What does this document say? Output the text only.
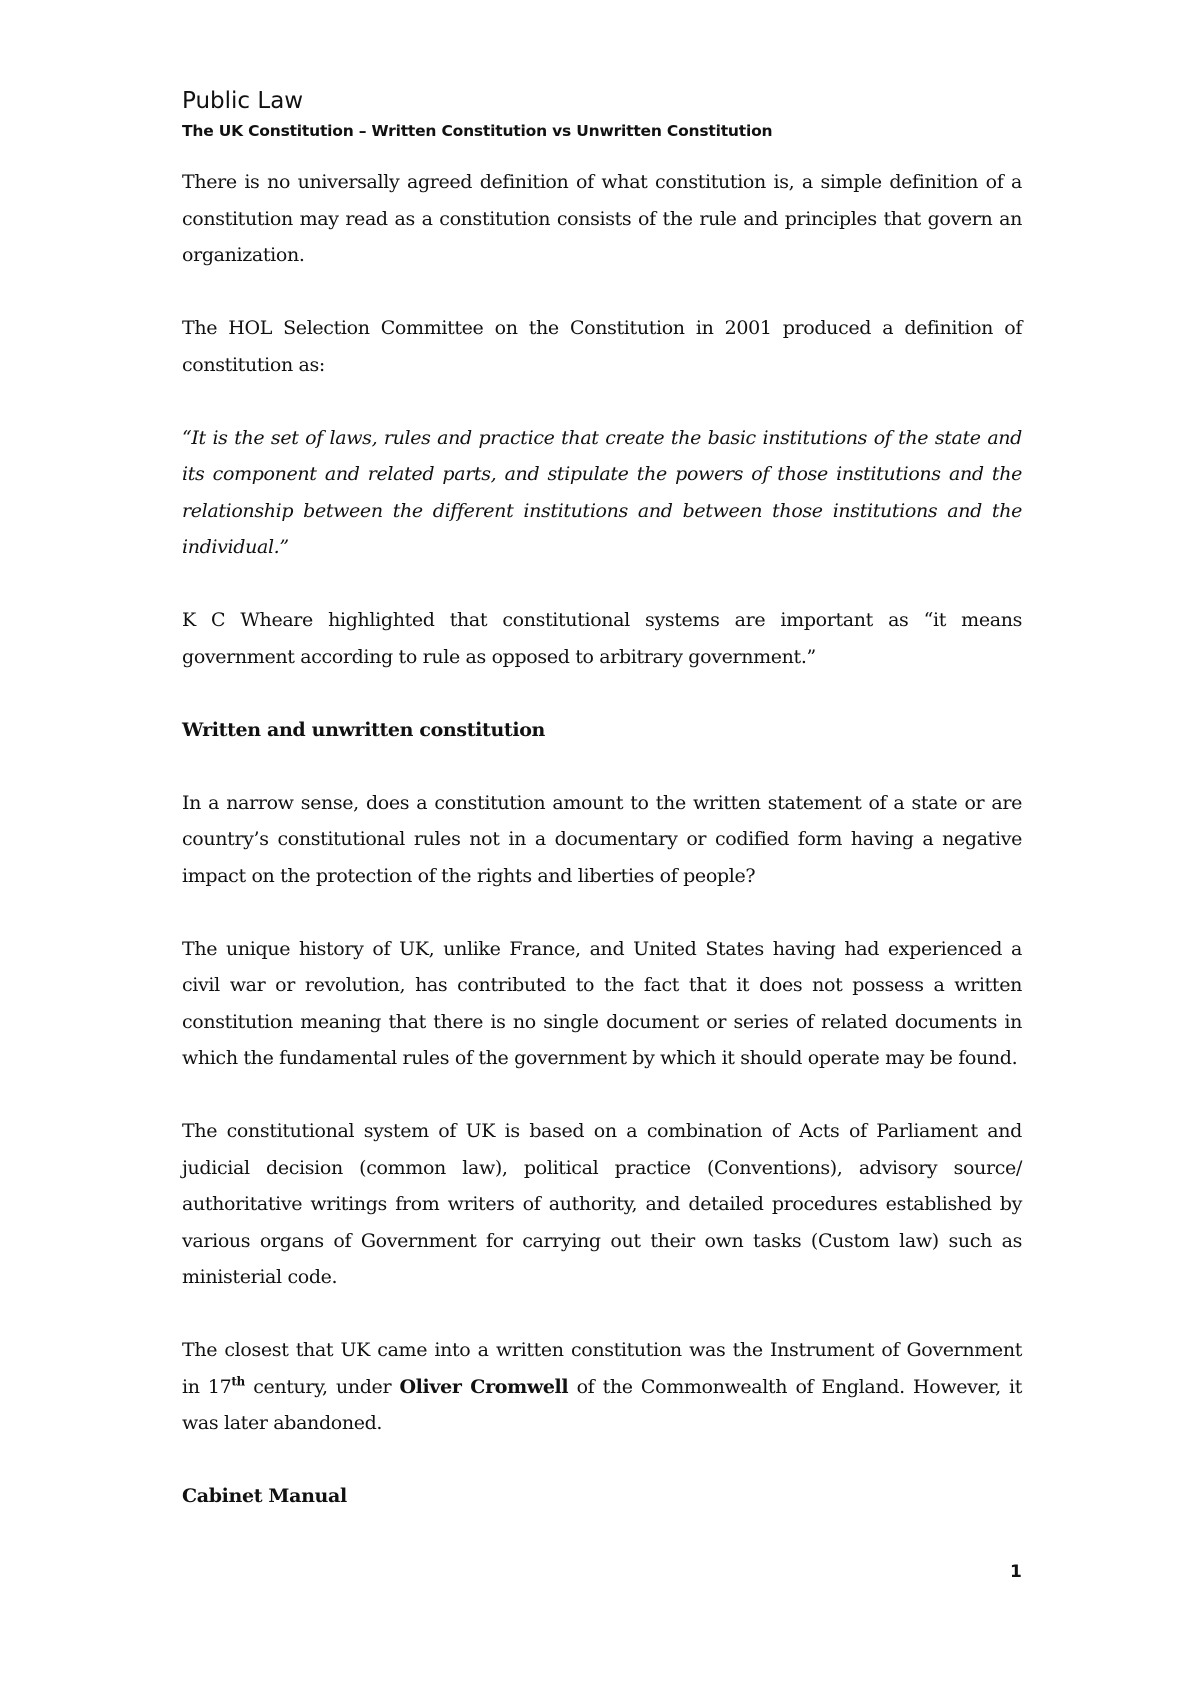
Public Law
The UK Constitution – Written Constitution vs Unwritten Constitution

There is no universally agreed definition of what constitution is, a simple definition of a constitution may read as a constitution consists of the rule and principles that govern an organization.

The HOL Selection Committee on the Constitution in 2001 produced a definition of constitution as:

“It is the set of laws, rules and practice that create the basic institutions of the state and its component and related parts, and stipulate the powers of those institutions and the relationship between the different institutions and between those institutions and the individual.”

K C Wheare highlighted that constitutional systems are important as “it means government according to rule as opposed to arbitrary government.”

Written and unwritten constitution

In a narrow sense, does a constitution amount to the written statement of a state or are country’s constitutional rules not in a documentary or codified form having a negative impact on the protection of the rights and liberties of people?

The unique history of UK, unlike France, and United States having had experienced a civil war or revolution, has contributed to the fact that it does not possess a written constitution meaning that there is no single document or series of related documents in which the fundamental rules of the government by which it should operate may be found.

The constitutional system of UK is based on a combination of Acts of Parliament and judicial decision (common law), political practice (Conventions), advisory source/ authoritative writings from writers of authority, and detailed procedures established by various organs of Government for carrying out their own tasks (Custom law) such as ministerial code.

The closest that UK came into a written constitution was the Instrument of Government in 17th century, under Oliver Cromwell of the Commonwealth of England. However, it was later abandoned.

Cabinet Manual
1
